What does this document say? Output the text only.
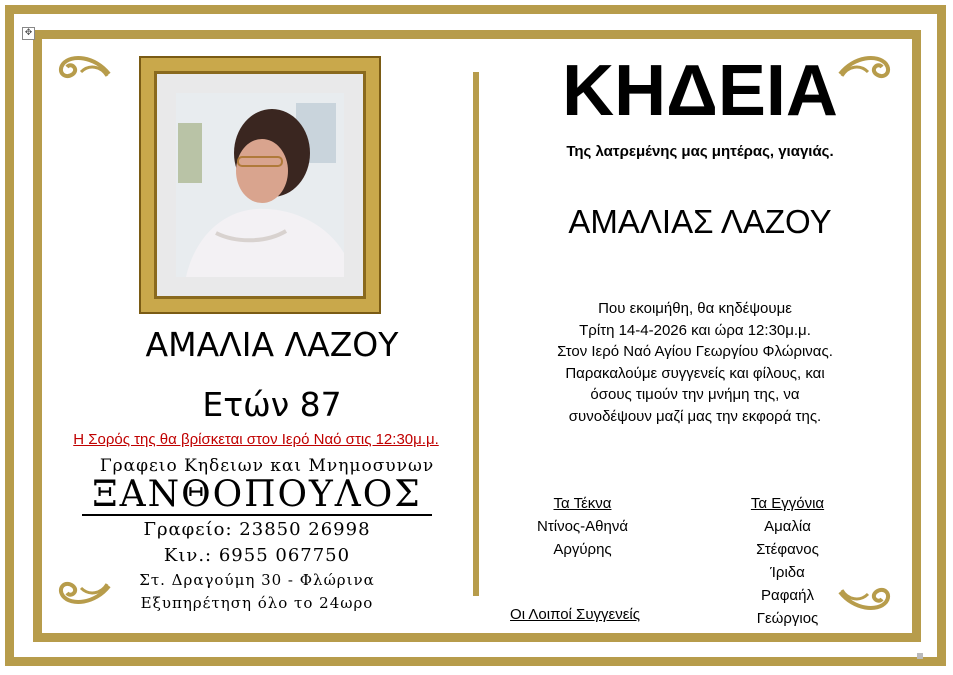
✥
ΑΜΑΛΙΑ ΛΑΖΟΥ
Ετών 87
Η Σορός της θα βρίσκεται στον Ιερό Ναό στις 12:30μ.μ.
Γραφειο Κηδειων και Μνημοσυνων
ΞΑΝΘΟΠΟΥΛΟΣ
Γραφείο: 23850 26998
Κιν.: 6955 067750
Στ. Δραγούμη 30 - Φλώρινα
Εξυπηρέτηση όλο το 24ωρο
ΚΗΔΕΙΑ
Της λατρεμένης μας μητέρας, γιαγιάς.
ΑΜΑΛΙΑΣ ΛΑΖΟΥ
Που εκοιμήθη, θα κηδέψουμε
Τρίτη 14-4-2026 και ώρα 12:30μ.μ.
Στον Ιερό Ναό Αγίου Γεωργίου Φλώρινας.
Παρακαλούμε συγγενείς και φίλους, και
όσους τιμούν την μνήμη της, να
συνοδέψουν μαζί μας την εκφορά της.
Τα Τέκνα
Ντίνος-Αθηνά
Αργύρης
Τα Εγγόνια
Αμαλία
Στέφανος
Ίριδα
Ραφαήλ
Γεώργιος
Οι Λοιποί Συγγενείς
